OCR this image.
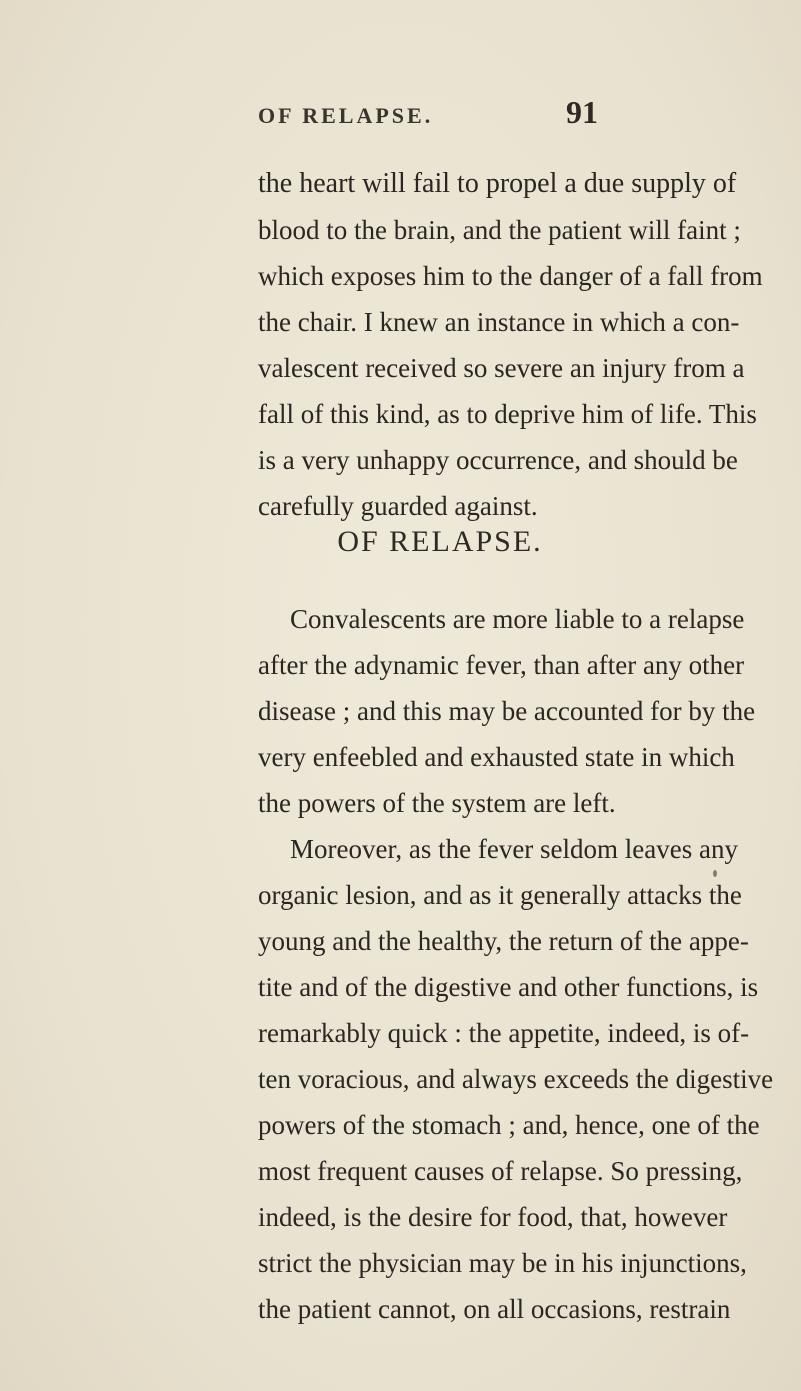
OF RELAPSE.	91
the heart will fail to propel a due supply of
blood to the brain, and the patient will faint ;
which exposes him to the danger of a fall from
the chair. I knew an instance in which a con-
valescent received so severe an injury from a
fall of this kind, as to deprive him of life. This
is a very unhappy occurrence, and should be
carefully guarded against.
OF RELAPSE.
Convalescents are more liable to a relapse
after the adynamic fever, than after any other
disease ; and this may be accounted for by the
very enfeebled and exhausted state in which
the powers of the system are left.
Moreover, as the fever seldom leaves any
organic lesion, and as it generally attacks the
young and the healthy, the return of the appe-
tite and of the digestive and other functions, is
remarkably quick : the appetite, indeed, is of-
ten voracious, and always exceeds the digestive
powers of the stomach ; and, hence, one of the
most frequent causes of relapse. So pressing,
indeed, is the desire for food, that, however
strict the physician may be in his injunctions,
the patient cannot, on all occasions, restrain
